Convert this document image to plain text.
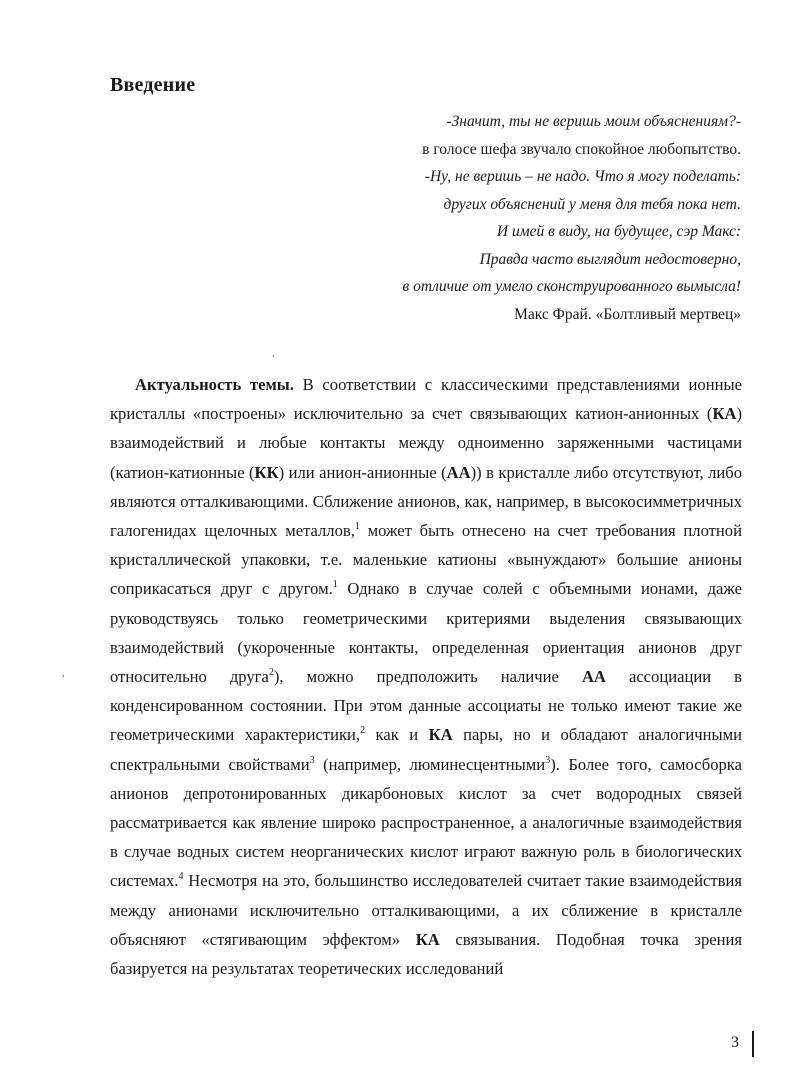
Введение
-Значит, ты не веришь моим объяснениям?-
в голосе шефа звучало спокойное любопытство.
-Ну, не веришь – не надо. Что я могу поделать:
других объяснений у меня для тебя пока нет.
И имей в виду, на будущее, сэр Макс:
Правда часто выглядит недостоверно,
в отличие от умело сконструированного вымысла!
Макс Фрай. «Болтливый мертвец»
,
,

Актуальность темы. В соответствии с классическими представлениями ионные кристаллы «построены» исключительно за счет связывающих катион-анионных (КА) взаимодействий и любые контакты между одноименно заряженными частицами (катион-катионные (КК) или анион-анионные (АА)) в кристалле либо отсутствуют, либо являются отталкивающими. Сближение анионов, как, например, в высокосимметричных галогенидах щелочных металлов,$^1$ может быть отнесено на счет требования плотной кристаллической упаковки, т.е. маленькие катионы «вынуждают» большие анионы соприкасаться друг с другом.$^1$ Однако в случае солей с объемными ионами, даже руководствуясь только геометрическими критериями выделения связывающих взаимодействий (укороченные контакты, определенная ориентация анионов друг относительно друга$^2$), можно предположить наличие АА ассоциации в конденсированном состоянии. При этом данные ассоциаты не только имеют такие же геометрическими характеристики,$^2$ как и КА пары, но и обладают аналогичными спектральными свойствами$^3$ (например, люминесцентными$^3$). Более того, самосборка анионов депротонированных дикарбоновых кислот за счет водородных связей рассматривается как явление широко распространенное, а аналогичные взаимодействия в случае водных систем неорганических кислот играют важную роль в биологических системах.$^4$ Несмотря на это, большинство исследователей считает такие взаимодействия между анионами исключительно отталкивающими, а их сближение в кристалле объясняют «стягивающим эффектом» КА связывания. Подобная точка зрения базируется на результатах теоретических исследований

3
